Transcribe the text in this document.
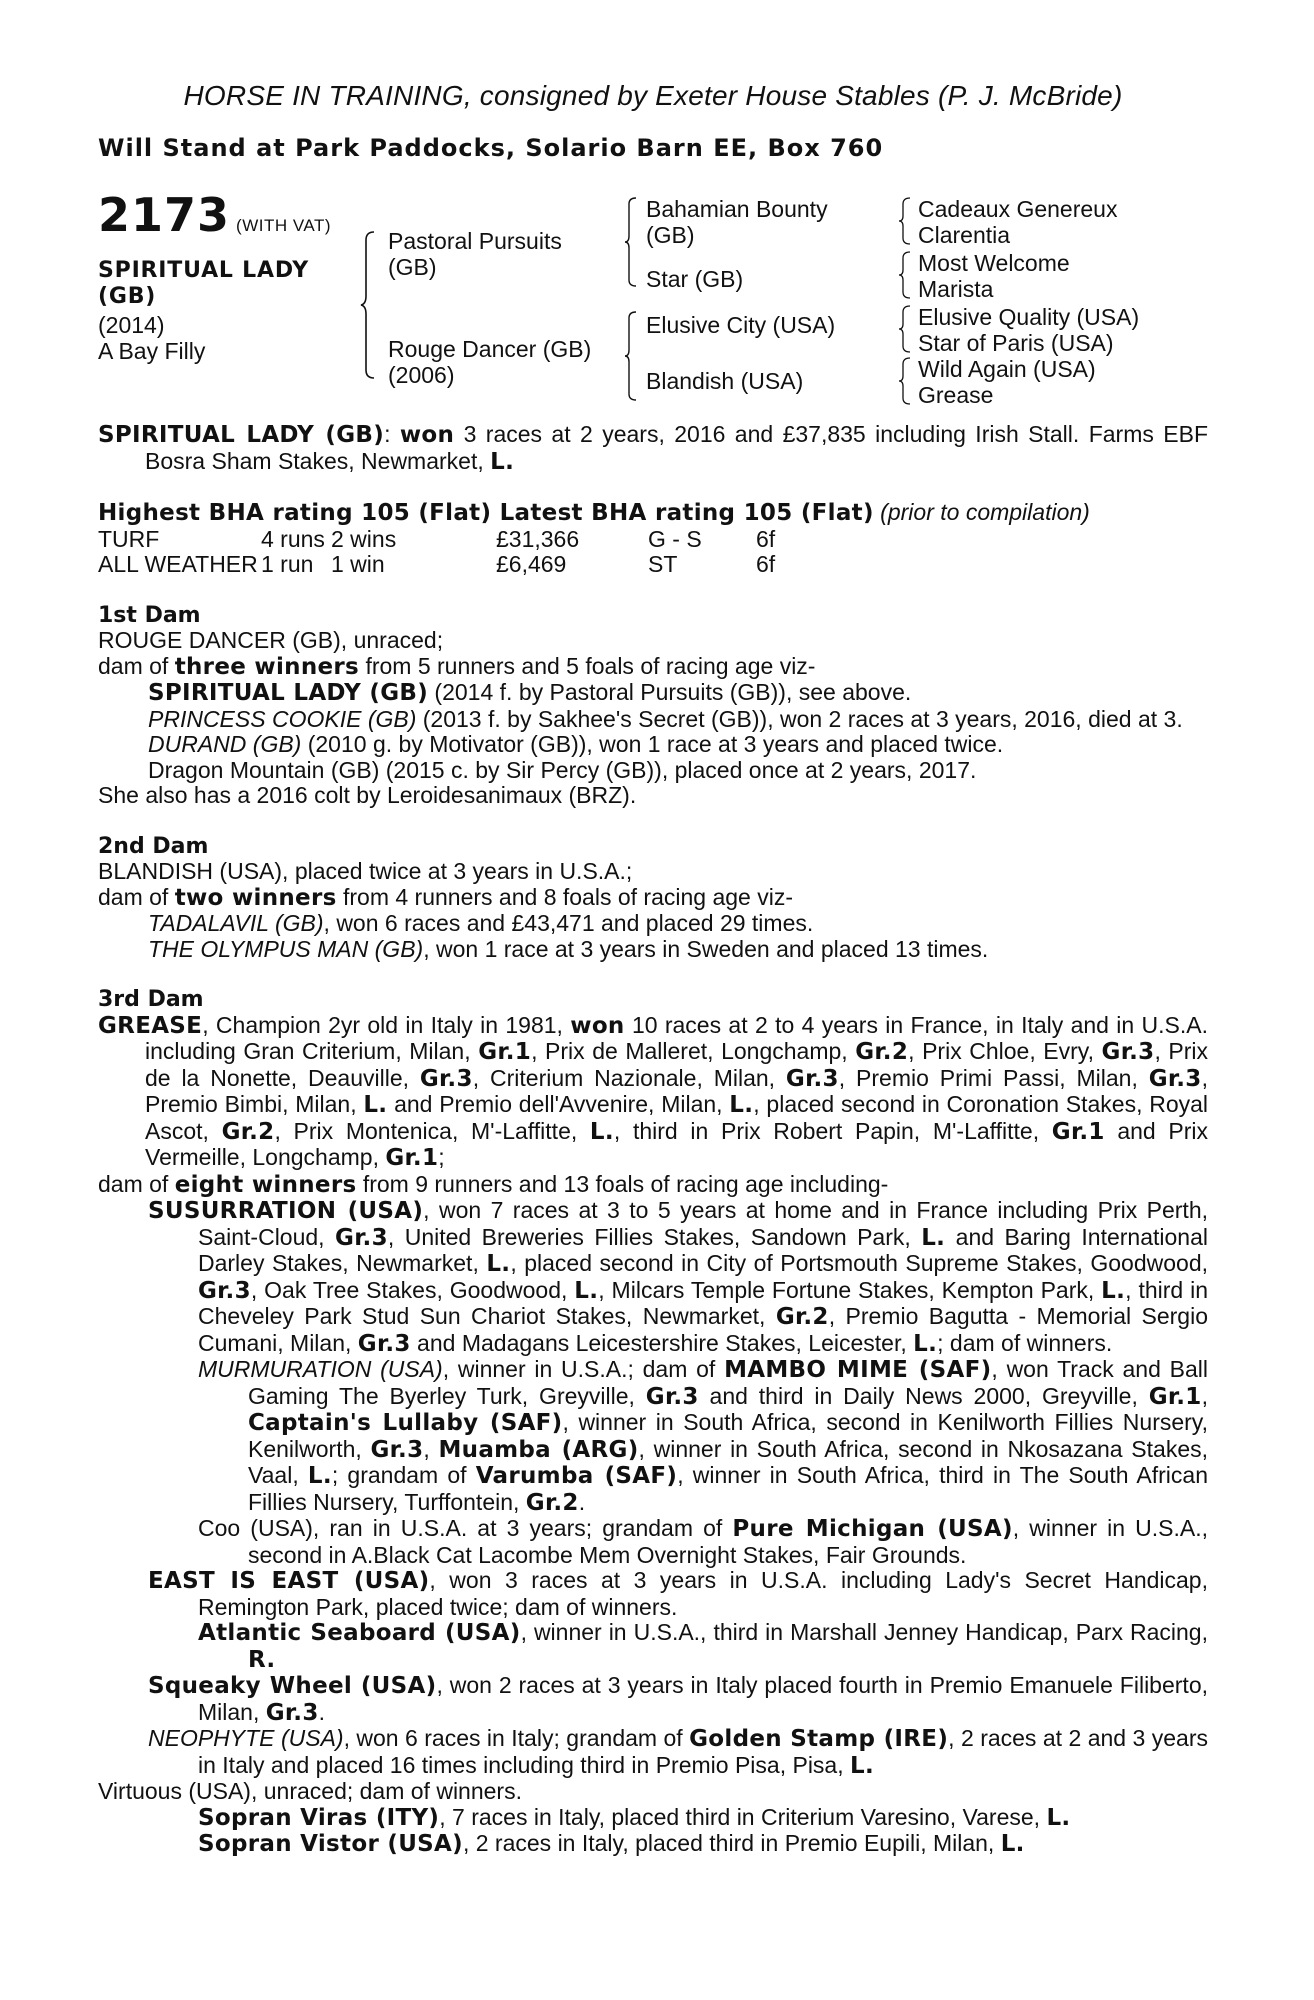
HORSE IN TRAINING, consigned by Exeter House Stables (P. J. McBride)
Will Stand at Park Paddocks, Solario Barn EE, Box 760
2173 (WITH VAT)
SPIRITUAL LADY
(GB)
(2014)
A Bay Filly
Pastoral Pursuits
(GB)
Rouge Dancer (GB)
(2006)
Bahamian Bounty
(GB)
Star (GB)
Elusive City (USA)
Blandish (USA)
Cadeaux Genereux
Clarentia
Most Welcome
Marista
Elusive Quality (USA)
Star of Paris (USA)
Wild Again (USA)
Grease

SPIRITUAL LADY (GB): won 3 races at 2 years, 2016 and £37,835 including Irish Stall. Farms EBF Bosra Sham Stakes, Newmarket, L.

Highest BHA rating 105 (Flat) Latest BHA rating 105 (Flat) (prior to compilation)

TURF	4 runs 2 wins	£31,366	G - S	6f
ALL WEATHER 1 run 1 win	£6,469	ST	6f

1st Dam

ROUGE DANCER (GB), unraced;

dam of three winners from 5 runners and 5 foals of racing age viz-

SPIRITUAL LADY (GB) (2014 f. by Pastoral Pursuits (GB)), see above.

PRINCESS COOKIE (GB) (2013 f. by Sakhee's Secret (GB)), won 2 races at 3 years, 2016, died at 3.

DURAND (GB) (2010 g. by Motivator (GB)), won 1 race at 3 years and placed twice.

Dragon Mountain (GB) (2015 c. by Sir Percy (GB)), placed once at 2 years, 2017.

She also has a 2016 colt by Leroidesanimaux (BRZ).

2nd Dam

BLANDISH (USA), placed twice at 3 years in U.S.A.;

dam of two winners from 4 runners and 8 foals of racing age viz-

TADALAVIL (GB), won 6 races and £43,471 and placed 29 times.

THE OLYMPUS MAN (GB), won 1 race at 3 years in Sweden and placed 13 times.

3rd Dam

GREASE, Champion 2yr old in Italy in 1981, won 10 races at 2 to 4 years in France, in Italy and in U.S.A. including Gran Criterium, Milan, Gr.1, Prix de Malleret, Longchamp, Gr.2, Prix Chloe, Evry, Gr.3, Prix de la Nonette, Deauville, Gr.3, Criterium Nazionale, Milan, Gr.3, Premio Primi Passi, Milan, Gr.3, Premio Bimbi, Milan, L. and Premio dell'Avvenire, Milan, L., placed second in Coronation Stakes, Royal Ascot, Gr.2, Prix Montenica, M'-Laffitte, L., third in Prix Robert Papin, M'-Laffitte, Gr.1 and Prix Vermeille, Longchamp, Gr.1;

dam of eight winners from 9 runners and 13 foals of racing age including-

SUSURRATION (USA), won 7 races at 3 to 5 years at home and in France including Prix Perth, Saint-Cloud, Gr.3, United Breweries Fillies Stakes, Sandown Park, L. and Baring International Darley Stakes, Newmarket, L., placed second in City of Portsmouth Supreme Stakes, Goodwood, Gr.3, Oak Tree Stakes, Goodwood, L., Milcars Temple Fortune Stakes, Kempton Park, L., third in Cheveley Park Stud Sun Chariot Stakes, Newmarket, Gr.2, Premio Bagutta - Memorial Sergio Cumani, Milan, Gr.3 and Madagans Leicestershire Stakes, Leicester, L.; dam of winners.

MURMURATION (USA), winner in U.S.A.; dam of MAMBO MIME (SAF), won Track and Ball Gaming The Byerley Turk, Greyville, Gr.3 and third in Daily News 2000, Greyville, Gr.1, Captain's Lullaby (SAF), winner in South Africa, second in Kenilworth Fillies Nursery, Kenilworth, Gr.3, Muamba (ARG), winner in South Africa, second in Nkosazana Stakes, Vaal, L.; grandam of Varumba (SAF), winner in South Africa, third in The South African Fillies Nursery, Turffontein, Gr.2.

Coo (USA), ran in U.S.A. at 3 years; grandam of Pure Michigan (USA), winner in U.S.A., second in A.Black Cat Lacombe Mem Overnight Stakes, Fair Grounds.

EAST IS EAST (USA), won 3 races at 3 years in U.S.A. including Lady's Secret Handicap, Remington Park, placed twice; dam of winners.

Atlantic Seaboard (USA), winner in U.S.A., third in Marshall Jenney Handicap, Parx Racing, R.

Squeaky Wheel (USA), won 2 races at 3 years in Italy placed fourth in Premio Emanuele Filiberto, Milan, Gr.3.

NEOPHYTE (USA), won 6 races in Italy; grandam of Golden Stamp (IRE), 2 races at 2 and 3 years in Italy and placed 16 times including third in Premio Pisa, Pisa, L.

Virtuous (USA), unraced; dam of winners.

Sopran Viras (ITY), 7 races in Italy, placed third in Criterium Varesino, Varese, L.

Sopran Vistor (USA), 2 races in Italy, placed third in Premio Eupili, Milan, L.
